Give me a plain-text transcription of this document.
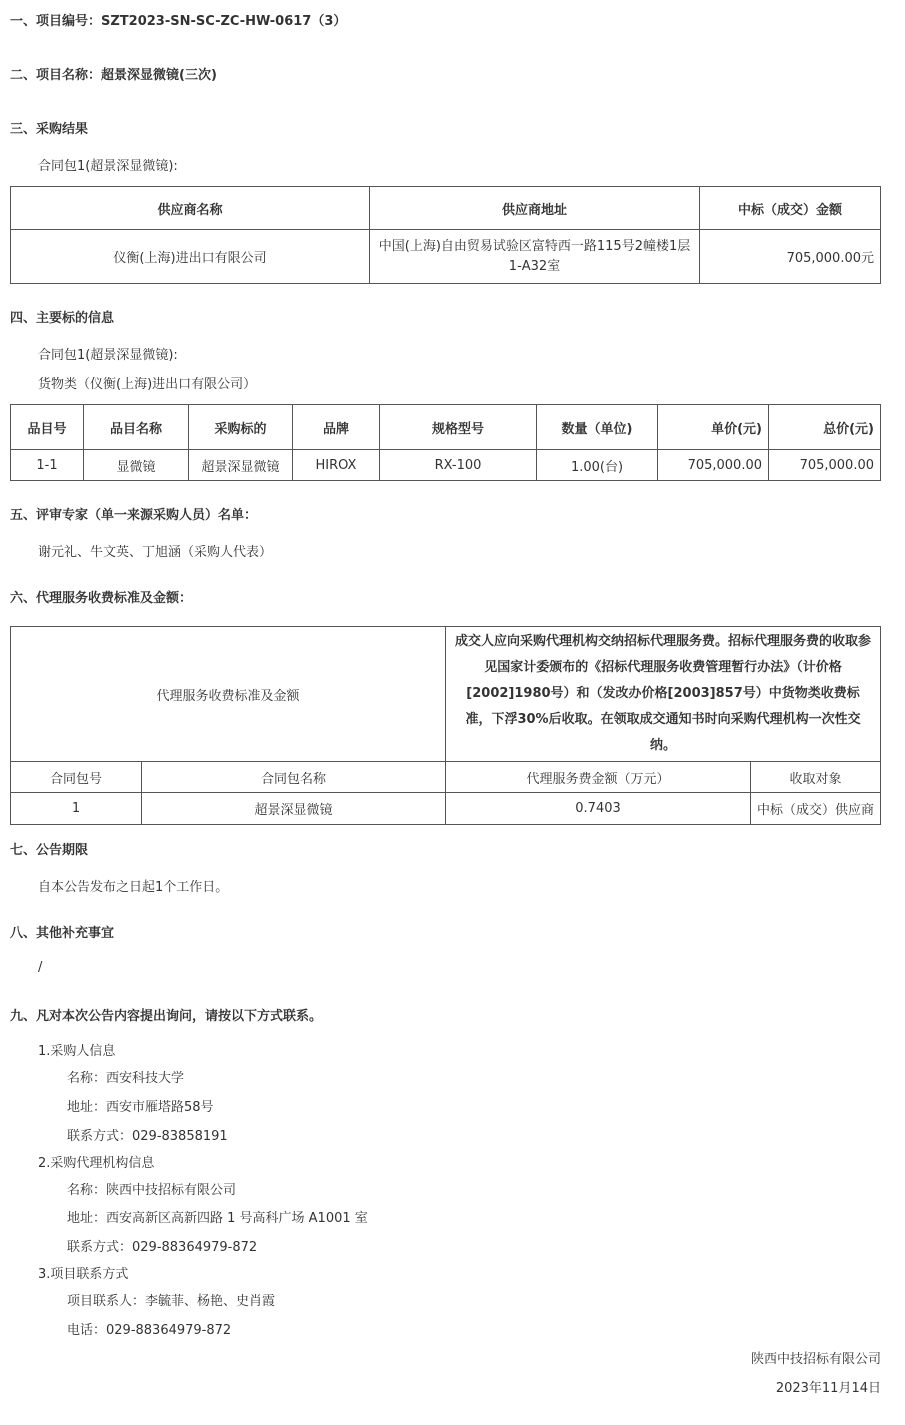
一、项目编号：SZT2023-SN-SC-ZC-HW-0617（3）
二、项目名称：超景深显微镜(三次)
三、采购结果
合同包1(超景深显微镜):
供应商名称	供应商地址	中标（成交）金额
仪衡(上海)进出口有限公司	中国(上海)自由贸易试验区富特西一路115号2幢楼1层1-A32室	705,000.00元
四、主要标的信息
合同包1(超景深显微镜):
货物类（仪衡(上海)进出口有限公司）
品目号	品目名称	采购标的	品牌	规格型号	数量（单位)	单价(元)	总价(元)
1-1	显微镜	超景深显微镜	HIROX	RX-100	1.00(台)	705,000.00	705,000.00
五、评审专家（单一来源采购人员）名单：
谢元礼、牛文英、丁旭涵（采购人代表）
六、代理服务收费标准及金额：
代理服务收费标准及金额		成交人应向采购代理机构交纳招标代理服务费。招标代理服务费的收取参见国家计委颁布的《招标代理服务收费管理暂行办法》（计价格[2002]1980号）和（发改办价格[2003]857号）中货物类收费标准，下浮30%后收取。在领取成交通知书时向采购代理机构一次性交纳。	
合同包号	合同包名称	代理服务费金额（万元）	收取对象
1	超景深显微镜	0.7403	中标（成交）供应商
七、公告期限
自本公告发布之日起1个工作日。
八、其他补充事宜
/
九、凡对本次公告内容提出询问，请按以下方式联系。
1.采购人信息
名称：西安科技大学
地址：西安市雁塔路58号
联系方式：029-83858191
2.采购代理机构信息
名称：陕西中技招标有限公司
地址：西安高新区高新四路 1 号高科广场 A1001 室
联系方式：029-88364979-872
3.项目联系方式
项目联系人：李毓菲、杨艳、史肖霞
电话：029-88364979-872
陕西中技招标有限公司
2023年11月14日
